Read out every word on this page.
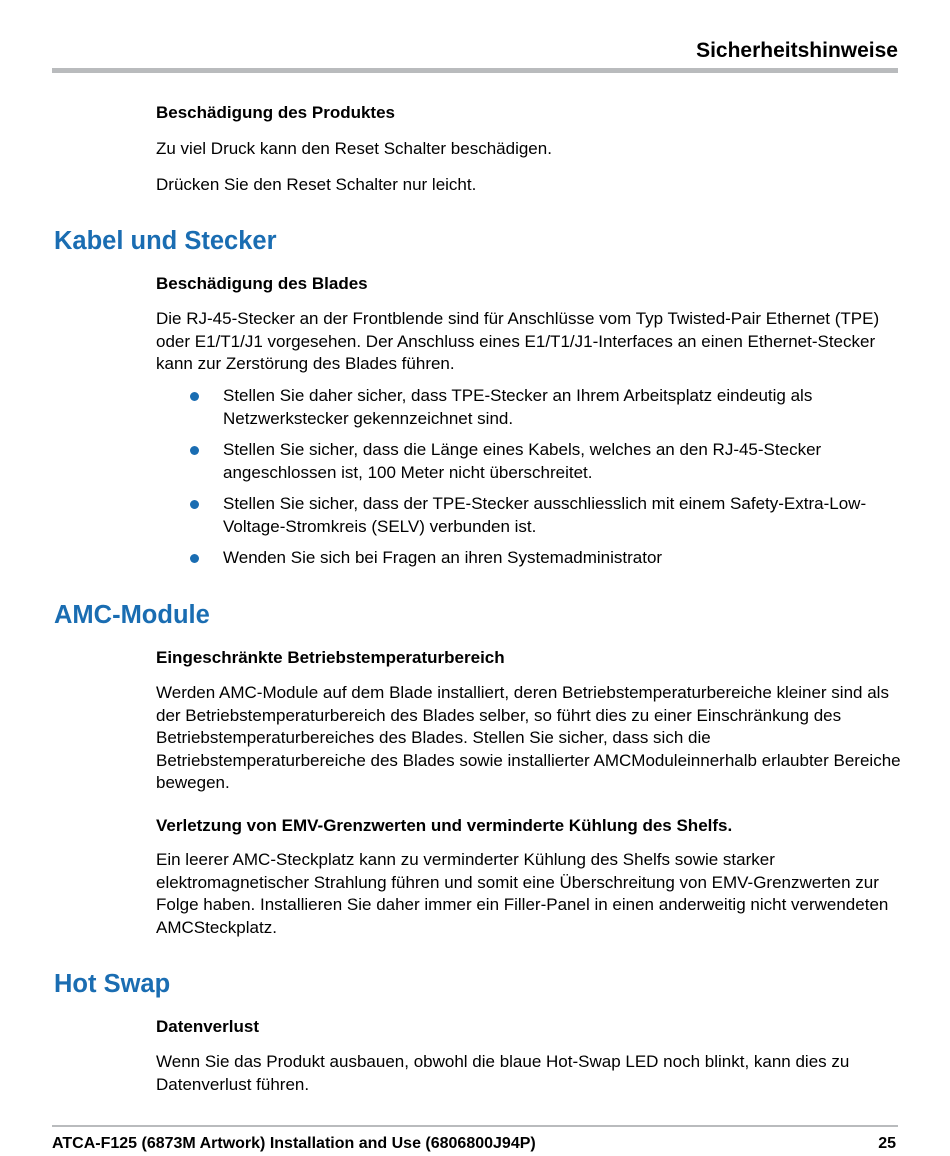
Sicherheitshinweise
Beschädigung des Produktes
Zu viel Druck kann den Reset Schalter beschädigen.
Drücken Sie den Reset Schalter nur leicht.
Kabel und Stecker
Beschädigung des Blades
Die RJ-45-Stecker an der Frontblende sind für Anschlüsse vom Typ Twisted-Pair Ethernet (TPE) oder E1/T1/J1 vorgesehen. Der Anschluss eines E1/T1/J1-Interfaces an einen Ethernet-Stecker kann zur Zerstörung des Blades führen.
Stellen Sie daher sicher, dass TPE-Stecker an Ihrem Arbeitsplatz eindeutig als Netzwerkstecker gekennzeichnet sind.
Stellen Sie sicher, dass die Länge eines Kabels, welches an den RJ-45-Stecker angeschlossen ist, 100 Meter nicht überschreitet.
Stellen Sie sicher, dass der TPE-Stecker ausschliesslich mit einem Safety-Extra-Low-Voltage-Stromkreis (SELV) verbunden ist.
Wenden Sie sich bei Fragen an ihren Systemadministrator
AMC-Module
Eingeschränkte Betriebstemperaturbereich
Werden AMC-Module auf dem Blade installiert, deren Betriebstemperaturbereiche kleiner sind als der Betriebstemperaturbereich des Blades selber, so führt dies zu einer Einschränkung des Betriebstemperaturbereiches des Blades. Stellen Sie sicher, dass sich die Betriebstemperaturbereiche des Blades sowie installierter AMCModuleinnerhalb erlaubter Bereiche bewegen.
Verletzung von EMV-Grenzwerten und verminderte Kühlung des Shelfs.
Ein leerer AMC-Steckplatz kann zu verminderter Kühlung des Shelfs sowie starker elektromagnetischer Strahlung führen und somit eine Überschreitung von EMV-Grenzwerten zur Folge haben. Installieren Sie daher immer ein Filler-Panel in einen anderweitig nicht verwendeten AMCSteckplatz.
Hot Swap
Datenverlust
Wenn Sie das Produkt ausbauen, obwohl die blaue Hot-Swap LED noch blinkt, kann dies zu Datenverlust führen.
ATCA-F125 (6873M Artwork) Installation and Use (6806800J94P)	25
